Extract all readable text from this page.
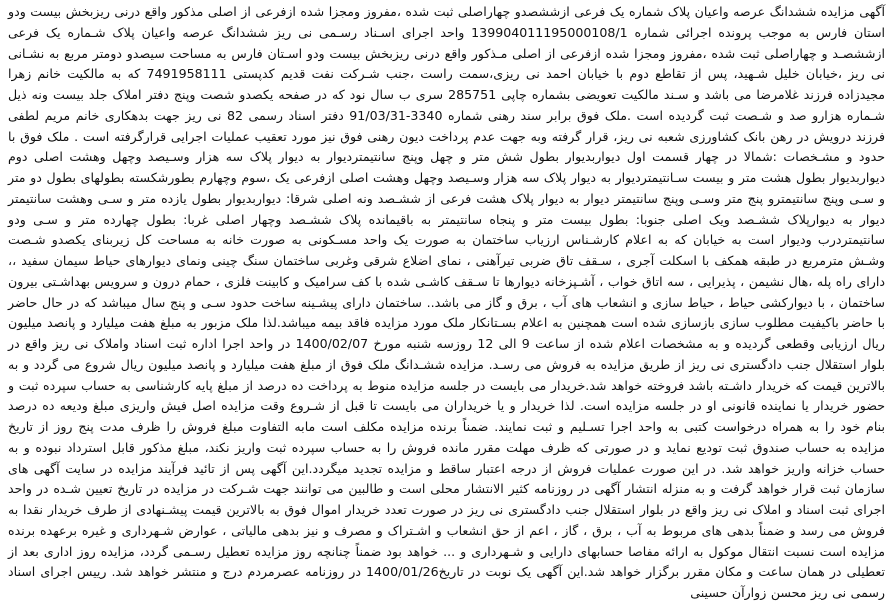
آگهی مزایده ششدانگ عرصه واعیان پلاک شماره یک فرعی ازششصدو چهاراصلی ثبت شده ،مفروز ومجزا شده ازفرعی از اصلی مذکور واقع درنی ریزبخش بیست ودو استان فارس به موجب پرونده اجرائی شماره 139904011195000108/1 واحد اجرای اسـناد رسـمی نی ریز ششدانگ عرصه واعیان پلاک شـماره یک فرعی ازششصـد و چهاراصلی ثبت شده ،مفروز ومجزا شده ازفرعی از اصلی مـذکور واقع درنی ریزبخش بیست ودو اسـتان فارس به مساحت سیصدو دومتر مربع به نشـانی نی ریز ،خیابان خلیل شـهید، پس از تقاطع دوم با خیابان احمد نی ریزی،سمت راست ،جنب شـرکت نفت قدیم کدپستی 7491958111 که به مالکیت خانم زهرا مجیدزاده فرزند غلامرضا می باشد و سـند مالکیت تعویضی بشماره چاپی 285751 سری ب سال نود که در صفحه یکصدو شصت وپنج دفتر املاک جلد بیست ونه ذیل شـماره هزارو صد و شـصت ثبت گردیده است .ملک فوق برابر سند رهنی شماره 3340-91/03/31 دفتر اسناد رسمی 82 نی ریز جهت بدهکاری خانم مریم لطفی فرزند درویش در رهن بانک کشاورزی شعبه نی ریز، قرار گرفته وبه جهت عدم پرداخت دیون رهنی فوق نیز مورد تعقیب عملیات اجرایی قرارگرفته است . ملک فوق با حدود و مشـخصات :شمالا در چهار قسمت اول دیواربدیوار بطول شش متر و چهل وپنج سانتیمتردیوار به دیوار پلاک سه هزار وسـیصد وچهل وهشت اصلی دوم دیواربدیوار بطول هشت متر و بیست سـانتیمتردیوار به دیوار پلاک سه هزار وسـیصد وچهل وهشت اصلی ازفرعی یک ،سوم وچهارم بطورشکسته بطولهای بطول دو متر و سـی وپنج سانتیمترو پنج متر وسـی وپنج سانتیمتر دیوار به دیوار پلاک هشت فرعی از ششـصد ونه اصلی شرقا: دیواربدیوار بطول یازده متر و سـی وهشت سانتیمتر دیوار به دیوارپلاک ششـصد ویک اصلی جنوبا: بطول بیست متر و پنجاه سانتیمتر به باقیمانده پلاک ششـصد وچهار اصلی غربا: بطول چهارده متر و سـی ودو سانتیمتردرب ودیوار است به خیابان که به اعلام کارشـناس ارزیاب ساختمان به صورت یک واحد مسـکونی به صورت خانه به مساحت کل زیربنای یکصدو شـصت وشـش مترمربع در طبقه همکف با اسکلت آجری ، سـقف تاق ضربی تیرآهنی ، نمای اضلاع شرقی وغربی ساختمان سنگ چینی ونمای دیوارهای حیاط سیمان سفید ،، دارای راه پله ،هال نشیمن ، پذیرایی ، سه اتاق خواب ، آشـپزخانه دیوارها تا سـقف کاشـی شده با کف سرامیک و کابینت فلزی ، حمام درون و سرویس بهداشـتی بیرون ساختمان ، با دیوارکشی حیاط ، حیاط سازی و انشعاب های آب ، برق و گاز می باشد.. ساختمان دارای پیشـینه ساخت حدود سـی و پنج سال میباشد که در حال حاضر با حاضر باکیفیت مطلوب سازی بازسازی شده است همچنین به اعلام بسـتانکار ملک مورد مزایده فاقد بیمه میباشد.لذا ملک مزبور به مبلغ هفت میلیارد و پانصد میلیون ریال ارزیابی وقطعی گردیده و به مشخصات اعلام شده از ساعت 9 الی 12 روزسه شنبه مورخ 1400/02/07 در واحد اجرا اداره ثبت اسناد واملاک نی ریز واقع در بلوار استقلال جنب دادگستری نی ریز از طریق مزایده به فروش می رسـد. مزایده ششـدانگ ملک فوق از مبلغ هفت میلیارد و پانصد میلیون ریال شروع می گردد و به بالاترین قیمت که خریدار داشـته باشد فروخته خواهد شد.خریدار می بایست در جلسه مزایده منوط به پرداخت ده درصد از مبلغ پایه کارشناسی به حساب سپرده ثبت و حضور خریدار یا نماینده قانونی او در جلسه مزایده است. لذا خریدار و یا خریداران می بایست تا قبل از شـروع وقت مزایده اصل فیش واریزی مبلغ ودیعه ده درصد بنام خود را به همراه درخواست کتبی به واحد اجرا تسـلیم و ثبت نمایند. ضمناً برنده مزایده مکلف است مابه التفاوت مبلغ فروش را ظرف مدت پنج روز از تاریخ مزایده به حساب صندوق ثبت تودیع نماید و در صورتی که ظرف مهلت مقرر مانده فروش را به حساب سپرده ثبت واریز نکند، مبلغ مذکور قابل استرداد نبوده و به حساب خزانه واریز خواهد شد. در این صورت عملیات فروش از درجه اعتبار ساقط و مزایده تجدید میگردد.این آگهی پس از تائید فرآیند مزایده در سایت آگهی های سازمان ثبت قرار خواهد گرفت و به منزله انتشار آگهی در روزنامه کثیر الانتشار محلی است و طالبین می توانند جهت شـرکت در مزایده در تاریخ تعیین شـده در واحد اجرای ثبت اسناد و املاک نی ریز واقع در بلوار استقلال جنب دادگستری نی ریز در صورت تعدد خریدار اموال فوق به بالاترین قیمت پیشـنهادی از طرف خریدار نقدا به فروش می رسد و ضمناً بدهی های مربوط به آب ، برق ، گاز ، اعم از حق انشعاب و اشـتراک و مصرف و نیز بدهی مالیاتی ، عوارض شـهرداری و غیره برعهده برنده مزایده است نسبت انتقال موکول به ارائه مفاصا حسابهای دارایی و شـهرداری و ... خواهد بود ضمناً چنانچه روز مزایده تعطیل رسـمی گردد، مزایده روز اداری بعد از تعطیلی در همان ساعت و مکان مقرر برگزار خواهد شد.این آگهی یک نوبت در تاریخ1400/01/26 در روزنامه عصرمردم درج و منتشر خواهد شد. رییس اجرای اسناد رسمی نی ریز محسن زوارآن حسینی
